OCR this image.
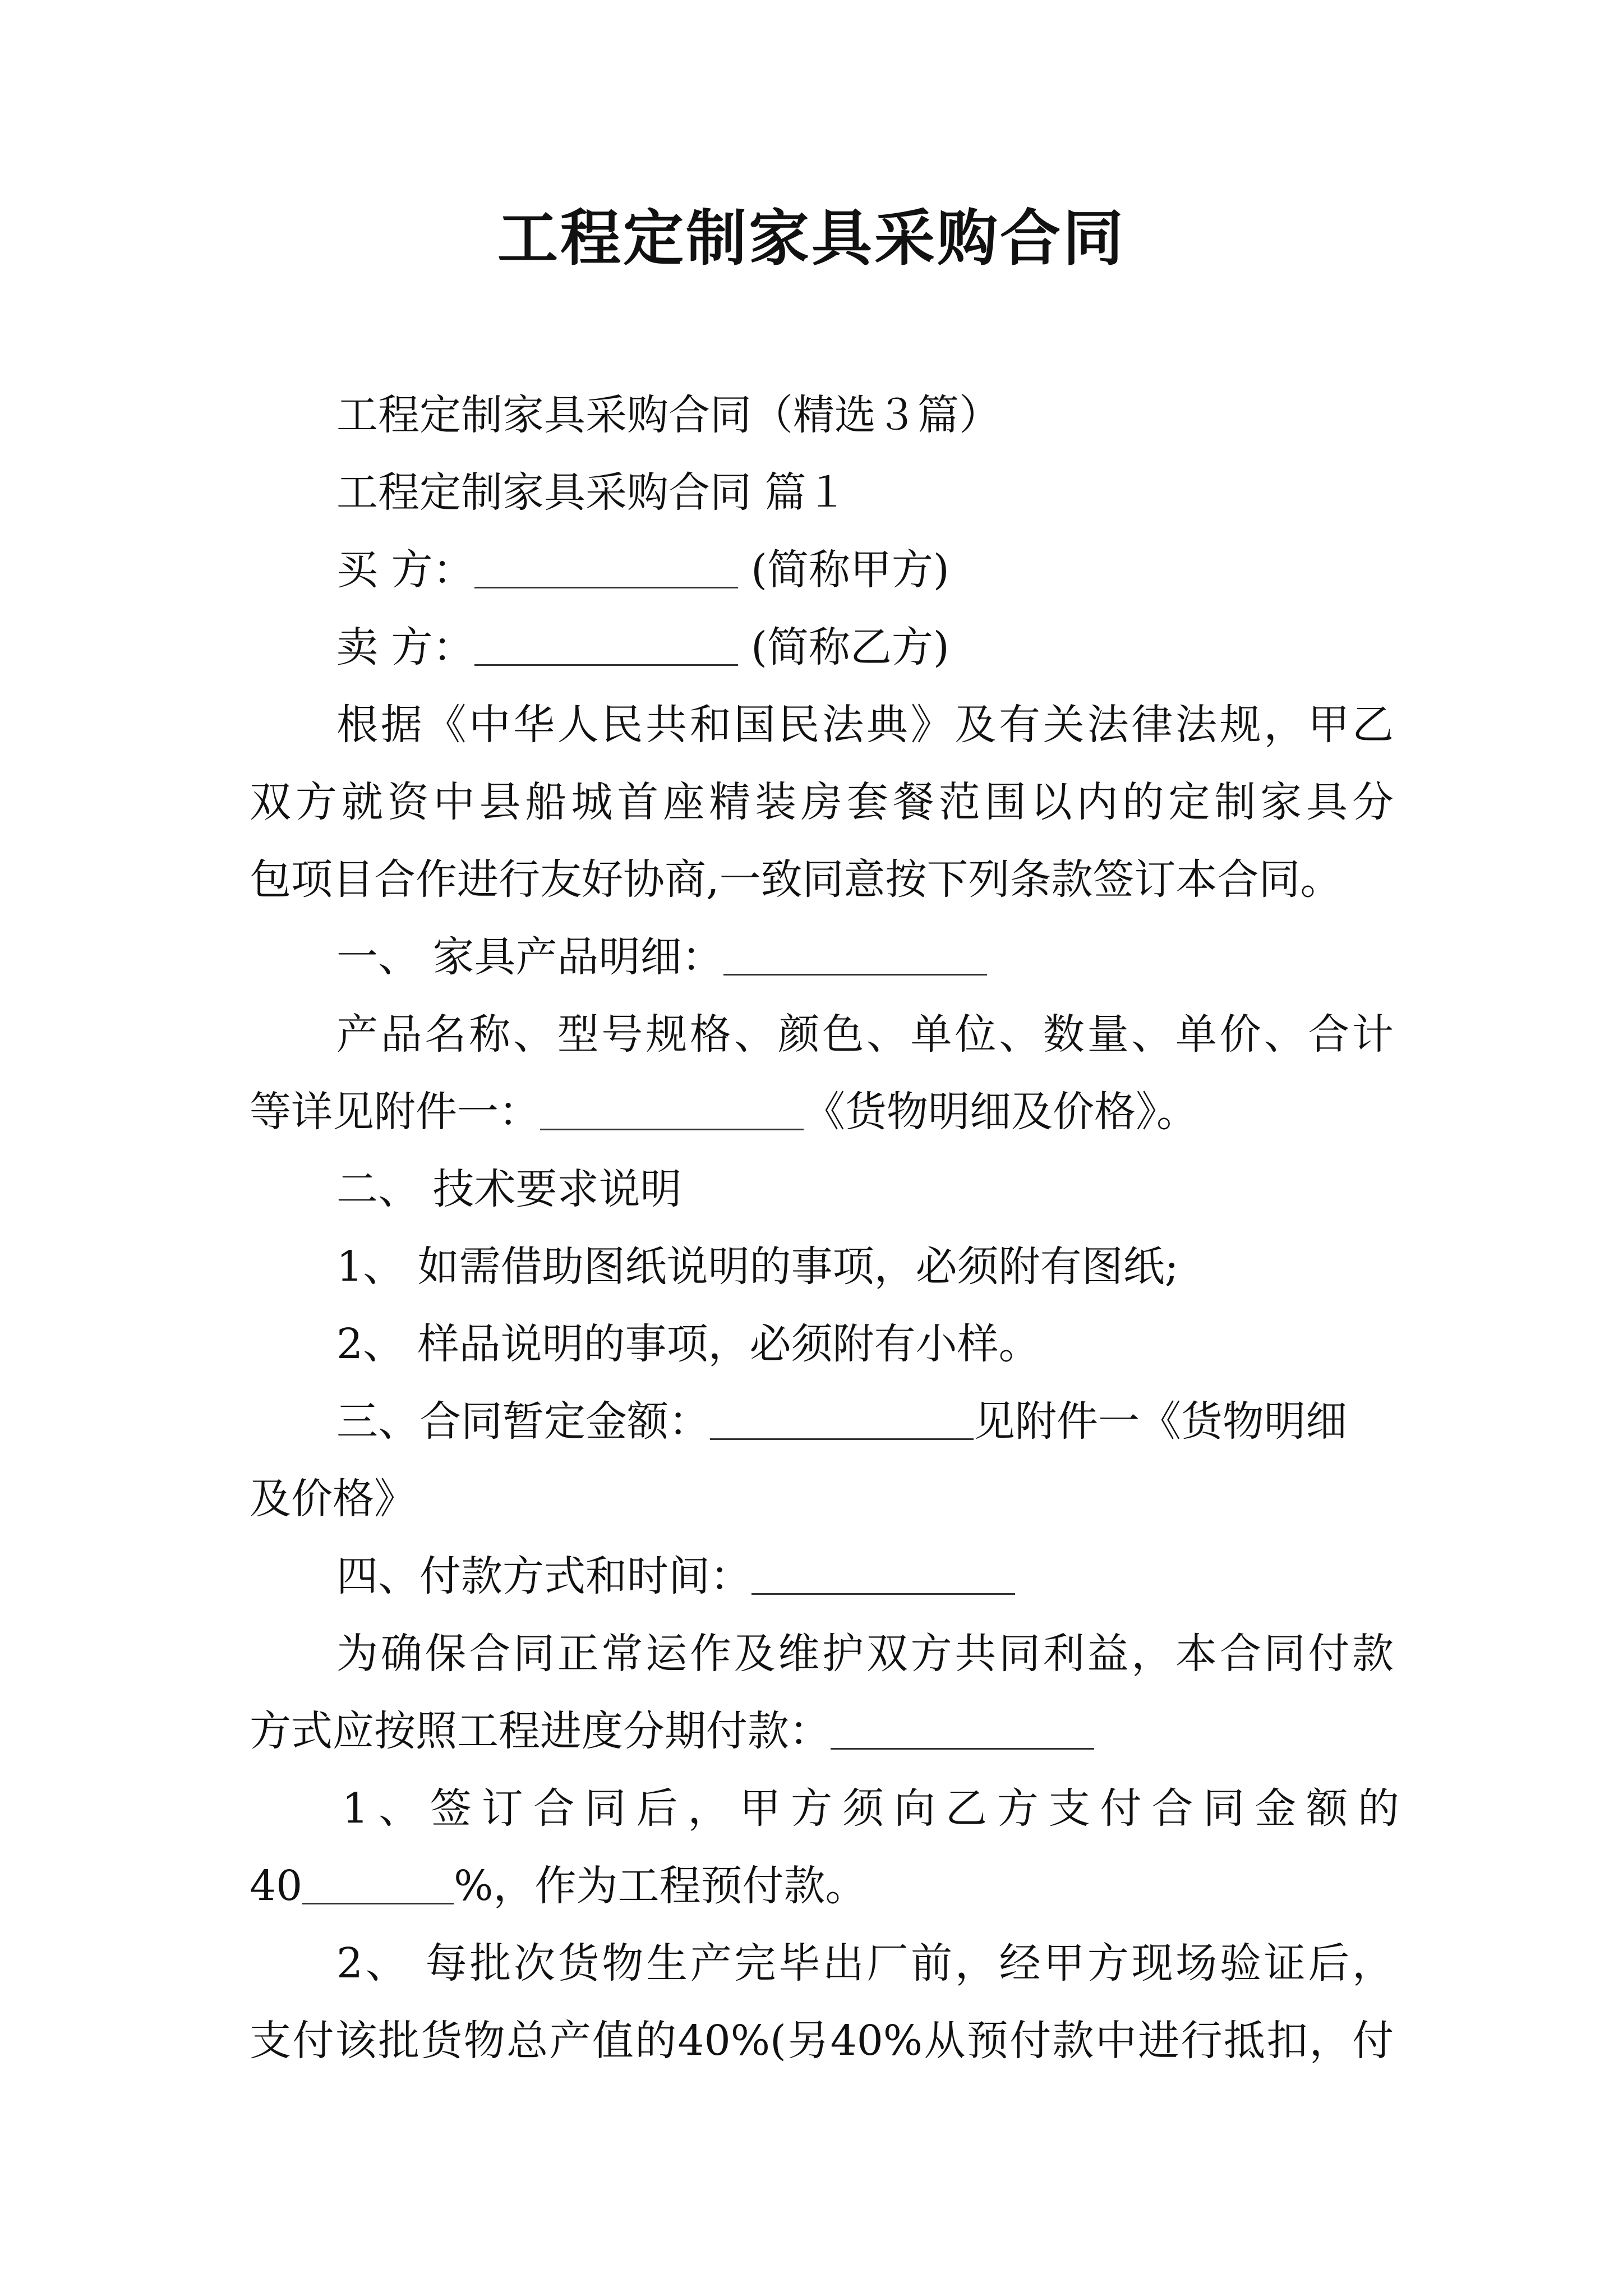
工程定制家具采购合同
工程定制家具采购合同（精选３篇）
工程定制家具采购合同 篇１
买 方：	(简称甲方)
卖 方：	(简称乙方)
根据《中华人民共和国民法典》及有关法律法规，甲乙
双方就资中县船城首座精装房套餐范围以内的定制家具分
包项目合作进行友好协商,一致同意按下列条款签订本合同。
一、 家具产品明细：
产品名称、型号规格、颜色、单位、数量、单价、合计
等详见附件一：	《货物明细及价格》。
二、 技术要求说明
1、 如需借助图纸说明的事项，必须附有图纸;
2、 样品说明的事项，必须附有小样。
三、合同暂定金额：	见附件一《货物明细
及价格》
四、付款方式和时间：
为确保合同正常运作及维护双方共同利益，本合同付款
方式应按照工程进度分期付款：
1、签订合同后，甲方须向乙方支付合同金额的
40	%，作为工程预付款。
2、 每批次货物生产完毕出厂前，经甲方现场验证后，
支付该批货物总产值的40%(另40%从预付款中进行抵扣，付
